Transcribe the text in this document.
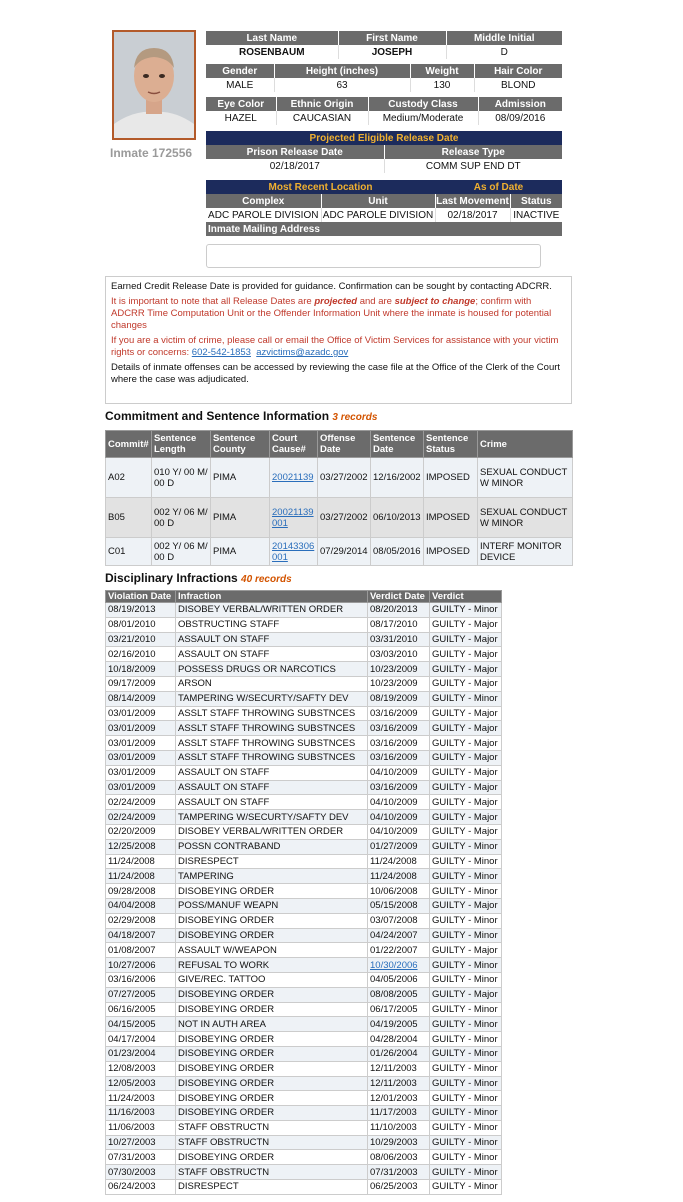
Inmate 172556
Last Name	First Name	Middle Initial
ROSENBAUM	JOSEPH	D
Gender	Height (inches)	Weight	Hair Color
MALE	63	130	BLOND
Eye Color	Ethnic Origin	Custody Class	Admission
HAZEL	CAUCASIAN	Medium/Moderate	08/09/2016
Projected Eligible Release Date	
Prison Release Date	Release Type
02/18/2017	COMM SUP END DT
Most Recent Location		As of Date	
Complex	Unit	Last Movement	Status
ADC PAROLE DIVISION	ADC PAROLE DIVISION	02/18/2017	INACTIVE
Inmate Mailing Address			

Earned Credit Release Date is provided for guidance. Confirmation can be sought by contacting ADCRR.

It is important to note that all Release Dates are projected and are subject to change; confirm with ADCRR Time Computation Unit or the Offender Information Unit where the inmate is housed for potential changes

If you are a victim of crime, please call or email the Office of Victim Services for assistance with your victim rights or concerns: 602-542-1853 azvictims@azadc.gov

Details of inmate offenses can be accessed by reviewing the case file at the Office of the Clerk of the Court where the case was adjudicated.

Commitment and Sentence Information 3 records
Commit#	Sentence Length	Sentence County	Court Cause#	Offense Date	Sentence Date	Sentence Status	Crime
A02	010 Y/ 00 M/ 00 D	PIMA	20021139	03/27/2002	12/16/2002	IMPOSED	SEXUAL CONDUCT W MINOR
B05	002 Y/ 06 M/ 00 D	PIMA	20021139 001	03/27/2002	06/10/2013	IMPOSED	SEXUAL CONDUCT W MINOR
C01	002 Y/ 06 M/ 00 D	PIMA	20143306 001	07/29/2014	08/05/2016	IMPOSED	INTERF MONITOR DEVICE
Disciplinary Infractions 40 records
Violation Date	Infraction	Verdict Date	Verdict
08/19/2013	DISOBEY VERBAL/WRITTEN ORDER	08/20/2013	GUILTY - Minor
08/01/2010	OBSTRUCTING STAFF	08/17/2010	GUILTY - Major
03/21/2010	ASSAULT ON STAFF	03/31/2010	GUILTY - Major
02/16/2010	ASSAULT ON STAFF	03/03/2010	GUILTY - Major
10/18/2009	POSSESS DRUGS OR NARCOTICS	10/23/2009	GUILTY - Major
09/17/2009	ARSON	10/23/2009	GUILTY - Major
08/14/2009	TAMPERING W/SECURTY/SAFTY DEV	08/19/2009	GUILTY - Minor
03/01/2009	ASSLT STAFF THROWING SUBSTNCES	03/16/2009	GUILTY - Major
03/01/2009	ASSLT STAFF THROWING SUBSTNCES	03/16/2009	GUILTY - Major
03/01/2009	ASSLT STAFF THROWING SUBSTNCES	03/16/2009	GUILTY - Major
03/01/2009	ASSLT STAFF THROWING SUBSTNCES	03/16/2009	GUILTY - Major
03/01/2009	ASSAULT ON STAFF	04/10/2009	GUILTY - Major
03/01/2009	ASSAULT ON STAFF	03/16/2009	GUILTY - Major
02/24/2009	ASSAULT ON STAFF	04/10/2009	GUILTY - Major
02/24/2009	TAMPERING W/SECURTY/SAFTY DEV	04/10/2009	GUILTY - Major
02/20/2009	DISOBEY VERBAL/WRITTEN ORDER	04/10/2009	GUILTY - Major
12/25/2008	POSSN CONTRABAND	01/27/2009	GUILTY - Minor
11/24/2008	DISRESPECT	11/24/2008	GUILTY - Minor
11/24/2008	TAMPERING	11/24/2008	GUILTY - Minor
09/28/2008	DISOBEYING ORDER	10/06/2008	GUILTY - Minor
04/04/2008	POSS/MANUF WEAPN	05/15/2008	GUILTY - Major
02/29/2008	DISOBEYING ORDER	03/07/2008	GUILTY - Minor
04/18/2007	DISOBEYING ORDER	04/24/2007	GUILTY - Minor
01/08/2007	ASSAULT W/WEAPON	01/22/2007	GUILTY - Major
10/27/2006	REFUSAL TO WORK	10/30/2006	GUILTY - Minor
03/16/2006	GIVE/REC. TATTOO	04/05/2006	GUILTY - Minor
07/27/2005	DISOBEYING ORDER	08/08/2005	GUILTY - Major
06/16/2005	DISOBEYING ORDER	06/17/2005	GUILTY - Minor
04/15/2005	NOT IN AUTH AREA	04/19/2005	GUILTY - Minor
04/17/2004	DISOBEYING ORDER	04/28/2004	GUILTY - Minor
01/23/2004	DISOBEYING ORDER	01/26/2004	GUILTY - Minor
12/08/2003	DISOBEYING ORDER	12/11/2003	GUILTY - Minor
12/05/2003	DISOBEYING ORDER	12/11/2003	GUILTY - Minor
11/24/2003	DISOBEYING ORDER	12/01/2003	GUILTY - Minor
11/16/2003	DISOBEYING ORDER	11/17/2003	GUILTY - Minor
11/06/2003	STAFF OBSTRUCTN	11/10/2003	GUILTY - Minor
10/27/2003	STAFF OBSTRUCTN	10/29/2003	GUILTY - Minor
07/31/2003	DISOBEYING ORDER	08/06/2003	GUILTY - Minor
07/30/2003	STAFF OBSTRUCTN	07/31/2003	GUILTY - Minor
06/24/2003	DISRESPECT	06/25/2003	GUILTY - Minor
